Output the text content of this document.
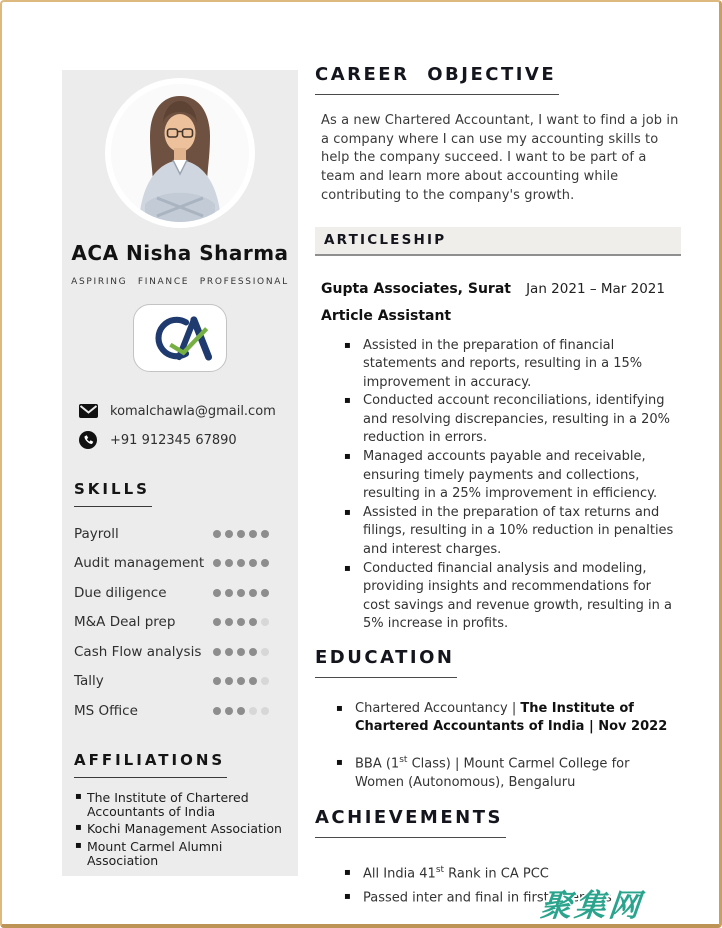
ACA Nisha Sharma
ASPIRING FINANCE PROFESSIONAL
komalchawla@gmail.com
+91 912345 67890
SKILLS
Payroll
Audit management
Due diligence
M&A Deal prep
Cash Flow analysis
Tally
MS Office
AFFILIATIONS
▪ The Institute of Chartered Accountants of India
▪ Kochi Management Association
▪ Mount Carmel Alumni Association
CAREER OBJECTIVE

As a new Chartered Accountant, I want to find a job in a company where I can use my accounting skills to help the company succeed. I want to be part of a team and learn more about accounting while contributing to the company's growth.

ARTICLESHIP
Gupta Associates, Surat Jan 2021 – Mar 2021
Article Assistant
▪ Assisted in the preparation of financial statements and reports, resulting in a 15% improvement in accuracy.
▪ Conducted account reconciliations, identifying and resolving discrepancies, resulting in a 20% reduction in errors.
▪ Managed accounts payable and receivable, ensuring timely payments and collections, resulting in a 25% improvement in efficiency.
▪ Assisted in the preparation of tax returns and filings, resulting in a 10% reduction in penalties and interest charges.
▪ Conducted financial analysis and modeling, providing insights and recommendations for cost savings and revenue growth, resulting in a 5% increase in profits.
EDUCATION
▪ Chartered Accountancy | The Institute of Chartered Accountants of India | Nov 2022
▪ BBA (1st Class) | Mount Carmel College for Women (Autonomous), Bengaluru
ACHIEVEMENTS
▪ All India 41st Rank in CA PCC
▪ Passed inter and final in first attempts
聚集网
